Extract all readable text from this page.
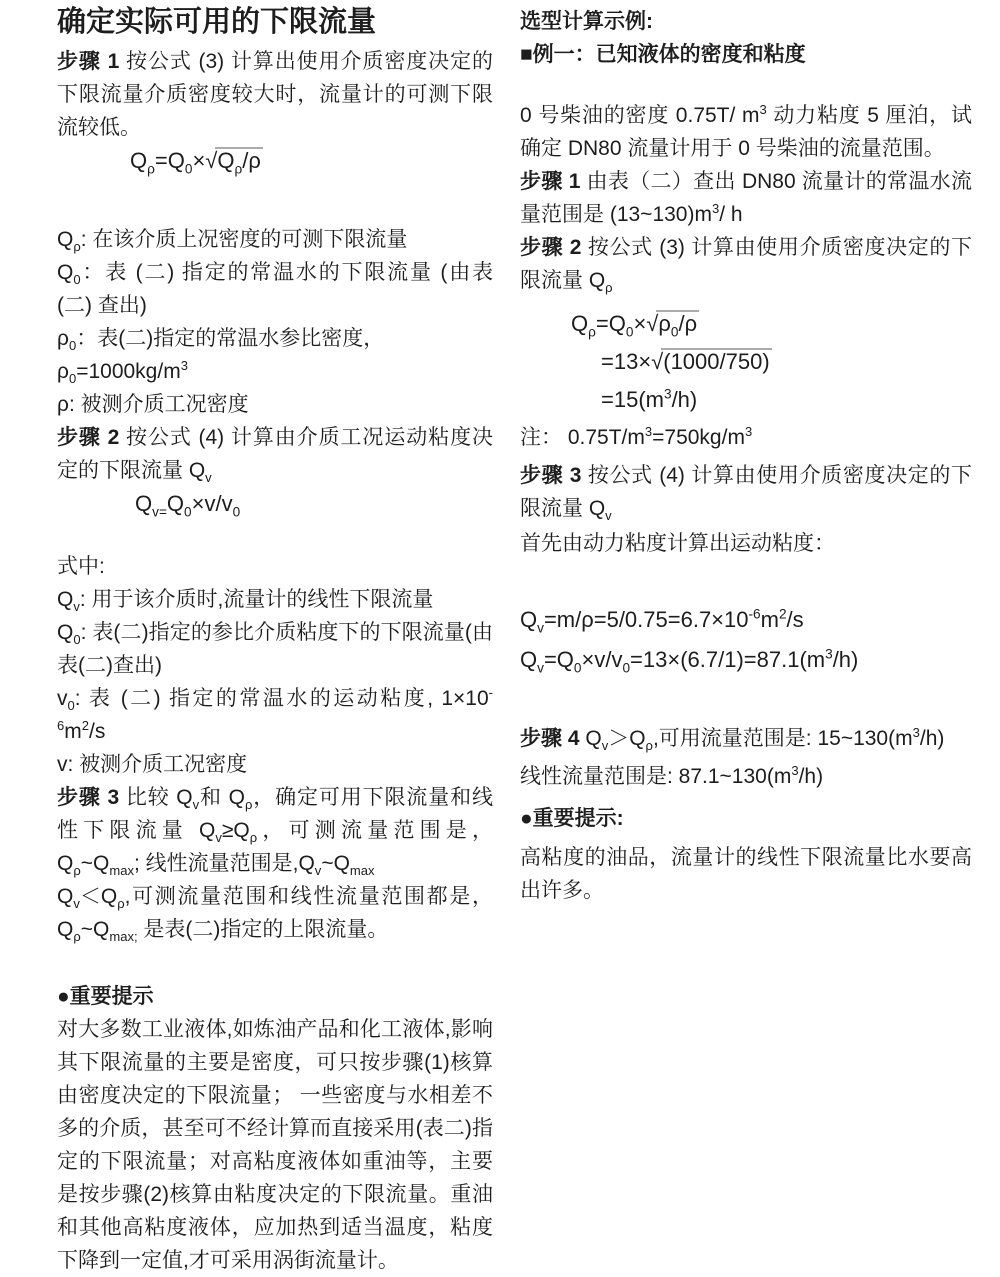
确定实际可用的下限流量

步骤 1 按公式 (3) 计算出使用介质密度决定的下限流量介质密度较大时，流量计的可测下限流较低。

$Q_\rho=Q_0\times√Q_\rho/\rho$

$Q_\rho$: 在该介质上况密度的可测下限流量

$Q_0$：表 (二) 指定的常温水的下限流量 (由表 (二) 查出)

$\rho_0$：表(二)指定的常温水参比密度，

$\rho_0=1000kg/m^3$

ρ: 被测介质工况密度

步骤 2 按公式 (4) 计算由介质工况运动粘度决定的下限流量 $Q_v$

$Q_{v=}Q_0\times v/v_0$

式中:

$Q_v$: 用于该介质时,流量计的线性下限流量

$Q_0$: 表(二)指定的参比介质粘度下的下限流量(由表(二)查出)

$v_0$: 表 (二) 指定的常温水的运动粘度, $1\times 10^{-6}m^2/s$

v: 被测介质工况密度

步骤 3 比较 $Q_v$和 $Q_\rho$，确定可用下限流量和线性下限流量 $Q_v\ge Q_\rho$，可测流量范围是，$Q_\rho\sim Q_{max}$; 线性流量范围是$,Q_v\sim Q_{max}$

$Q_v<Q_\rho$,可测流量范围和线性流量范围都是，$Q_\rho\sim Q_{max;}$ 是表(二)指定的上限流量。

●重要提示

对大多数工业液体,如炼油产品和化工液体,影响其下限流量的主要是密度，可只按步骤(1)核算由密度决定的下限流量； 一些密度与水相差不多的介质，甚至可不经计算而直接采用(表二)指定的下限流量；对高粘度液体如重油等，主要是按步骤(2)核算由粘度决定的下限流量。重油和其他高粘度液体，应加热到适当温度，粘度下降到一定值,才可采用涡街流量计。

选型计算示例:

■例一：已知液体的密度和粘度

0 号柴油的密度 0.75T/ $m^3$ 动力粘度 5 厘泊，试确定 DN80 流量计用于 0 号柴油的流量范围。

步骤 1 由表（二）查出 DN80 流量计的常温水流量范围是 $(13\sim 130)m^3/$ h

步骤 2 按公式 (3) 计算由使用介质密度决定的下限流量 $Q_\rho$

$Q_\rho=Q_0\times√\rho_0/\rho$

=13×√(1000/750)

$=15(m^3/h)$

注： $0.75T/m^3=750kg/m^3$

步骤 3 按公式 (4) 计算由使用介质密度决定的下限流量 $Q_v$

首先由动力粘度计算出运动粘度：

$Q_v=m/\rho=5/0.75=6.7\times 10^{-6}m^2/s$

$Q_v=Q_0\times v/v_0=13\times(6.7/1)=87.1(m^3/h)$

步骤 4 $Q_v>Q_\rho$,可用流量范围是: $15\sim 130(m^3/h)$

线性流量范围是: $87.1\sim 130(m^3/h)$

●重要提示:

高粘度的油品，流量计的线性下限流量比水要高出许多。
